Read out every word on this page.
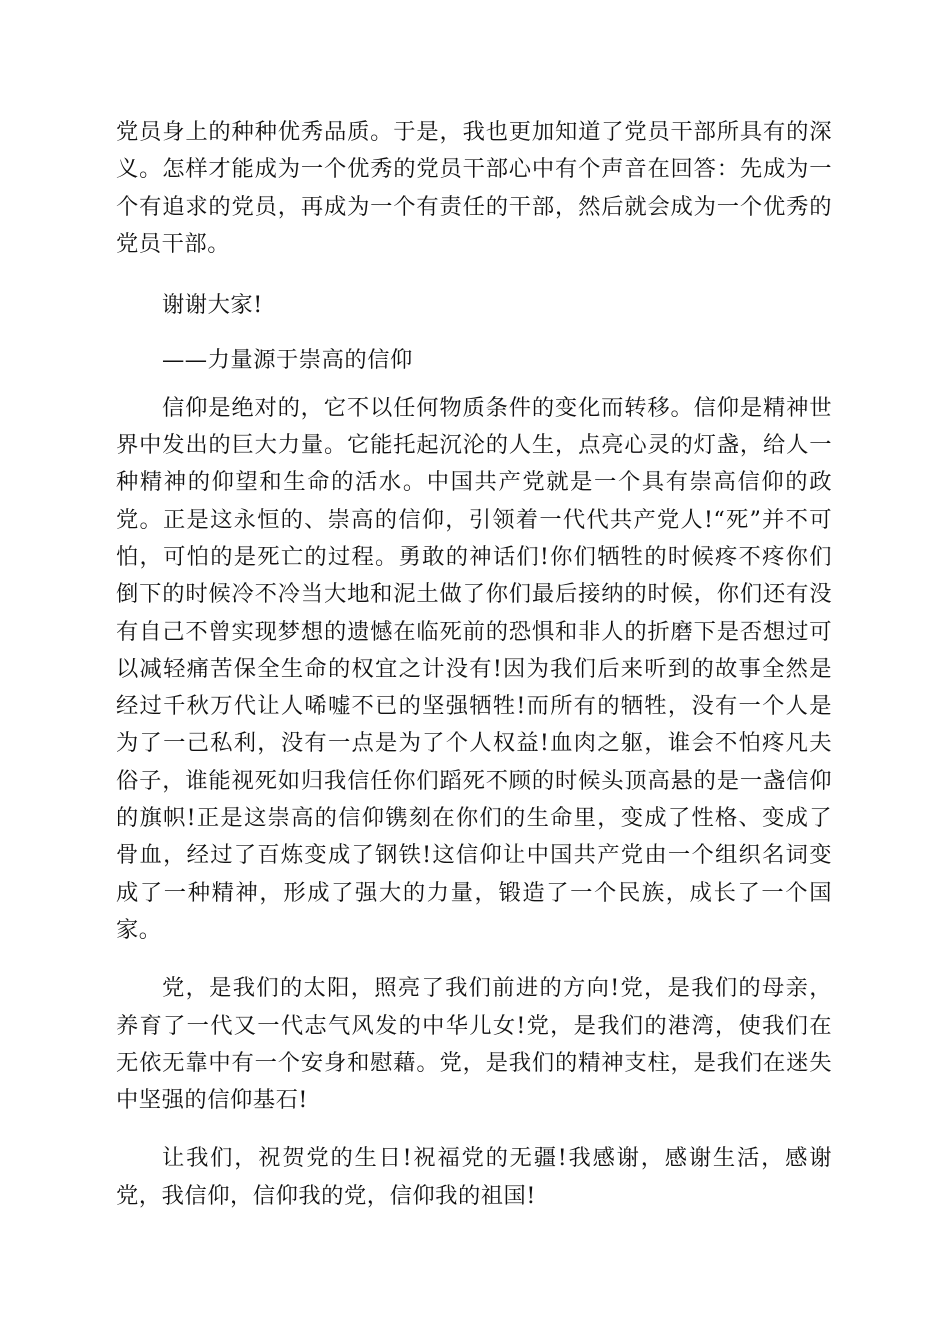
党员身上的种种优秀品质。于是，我也更加知道了党员干部所具有的深义。怎样才能成为一个优秀的党员干部心中有个声音在回答：先成为一个有追求的党员，再成为一个有责任的干部，然后就会成为一个优秀的党员干部。

谢谢大家!

——力量源于崇高的信仰

信仰是绝对的，它不以任何物质条件的变化而转移。信仰是精神世界中发出的巨大力量。它能托起沉沦的人生，点亮心灵的灯盏，给人一种精神的仰望和生命的活水。中国共产党就是一个具有崇高信仰的政党。正是这永恒的、崇高的信仰，引领着一代代共产党人!“死”并不可怕，可怕的是死亡的过程。勇敢的神话们!你们牺牲的时候疼不疼你们倒下的时候冷不冷当大地和泥土做了你们最后接纳的时候，你们还有没有自己不曾实现梦想的遗憾在临死前的恐惧和非人的折磨下是否想过可以减轻痛苦保全生命的权宜之计没有!因为我们后来听到的故事全然是经过千秋万代让人唏嘘不已的坚强牺牲!而所有的牺牲，没有一个人是为了一己私利，没有一点是为了个人权益!血肉之躯，谁会不怕疼凡夫俗子，谁能视死如归我信任你们蹈死不顾的时候头顶高悬的是一盏信仰的旗帜!正是这崇高的信仰镌刻在你们的生命里，变成了性格、变成了骨血，经过了百炼变成了钢铁!这信仰让中国共产党由一个组织名词变成了一种精神，形成了强大的力量，锻造了一个民族，成长了一个国家。

党，是我们的太阳，照亮了我们前进的方向!党，是我们的母亲，养育了一代又一代志气风发的中华儿女!党，是我们的港湾，使我们在无依无靠中有一个安身和慰藉。党，是我们的精神支柱，是我们在迷失中坚强的信仰基石!

让我们，祝贺党的生日!祝福党的无疆!我感谢，感谢生活，感谢党，我信仰，信仰我的党，信仰我的祖国!
